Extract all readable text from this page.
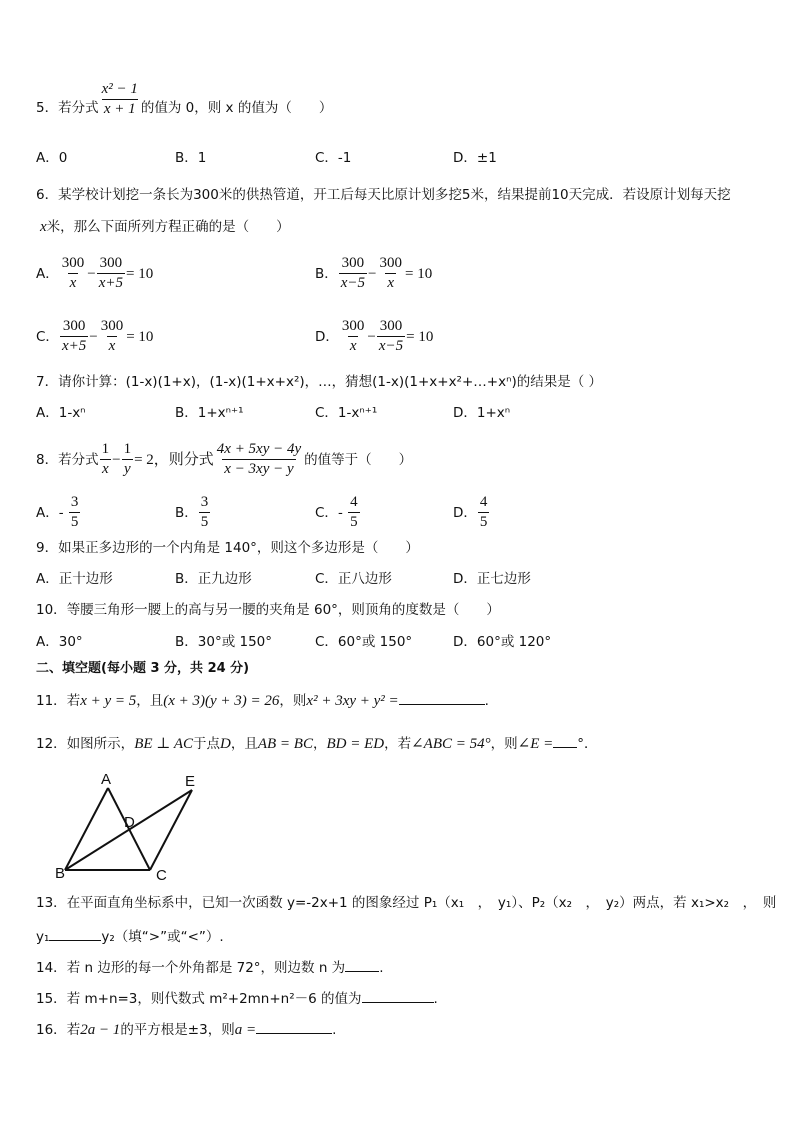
5．若分式 $\frac{\text{x² − 1}}{x + 1}$ 的值为 0，则 x 的值为（　　）
A．0	B．1	C．-1	D．±1
6．某学校计划挖一条长为300米的供热管道，开工后每天比原计划多挖5米，结果提前10天完成．若设原计划每天挖
x米，那么下面所列方程正确的是（　　）
A． $\frac{300}{x} - \frac{300}{x+5} = 10$	B． $\frac{300}{x-5} - \frac{300}{x} = 10$
C． $\frac{300}{x+5} - \frac{300}{x} = 10$	D． $\frac{300}{x} - \frac{300}{x-5} = 10$
7．请你计算：(1-x)(1+x)，(1-x)(1+x+x²)，…，猜想(1-x)(1+x+x²+…+xⁿ)的结果是（ ）
A．1-xⁿ	B．1+xⁿ⁺¹	C．1-xⁿ⁺¹	D．1+xⁿ
8．若分式 $\frac{1}{x} - \frac{1}{y} = 2$，则分式 $\frac{4x + 5xy - 4y}{x - 3xy - y}$ 的值等于（　　）
A．- $\frac{3}{5}$	B． $\frac{3}{5}$	C．- $\frac{4}{5}$	D． $\frac{4}{5}$
9．如果正多边形的一个内角是 140°，则这个多边形是（　　）
A．正十边形	B．正九边形	C．正八边形	D．正七边形
10．等腰三角形一腰上的高与另一腰的夹角是 60°，则顶角的度数是（　　）
A．30°	B．30°或 150°	C．60°或 150°	D．60°或 120°
二、填空题(每小题 3 分，共 24 分)
11．若x + y = 5，且(x + 3)(y + 3) = 26，则x² + 3xy + y² =	.
12．如图所示，BE ⊥ AC于点D，且AB = BC，BD = ED，若∠ABC = 54°，则∠E = °．
A	E
D
B	C
13．在平面直角坐标系中，已知一次函数 y=-2x+1 的图象经过 P₁（x₁　，　y₁）、P₂（x₂　，　y₂）两点，若 x₁>x₂　，　则
y₁	y₂（填“>”或“<”）.
14．若 n 边形的每一个外角都是 72°，则边数 n 为	.
15．若 m+n=3，则代数式 m²+2mn+n²－6 的值为	.
16．若2a − 1的平方根是±3，则a =	.
